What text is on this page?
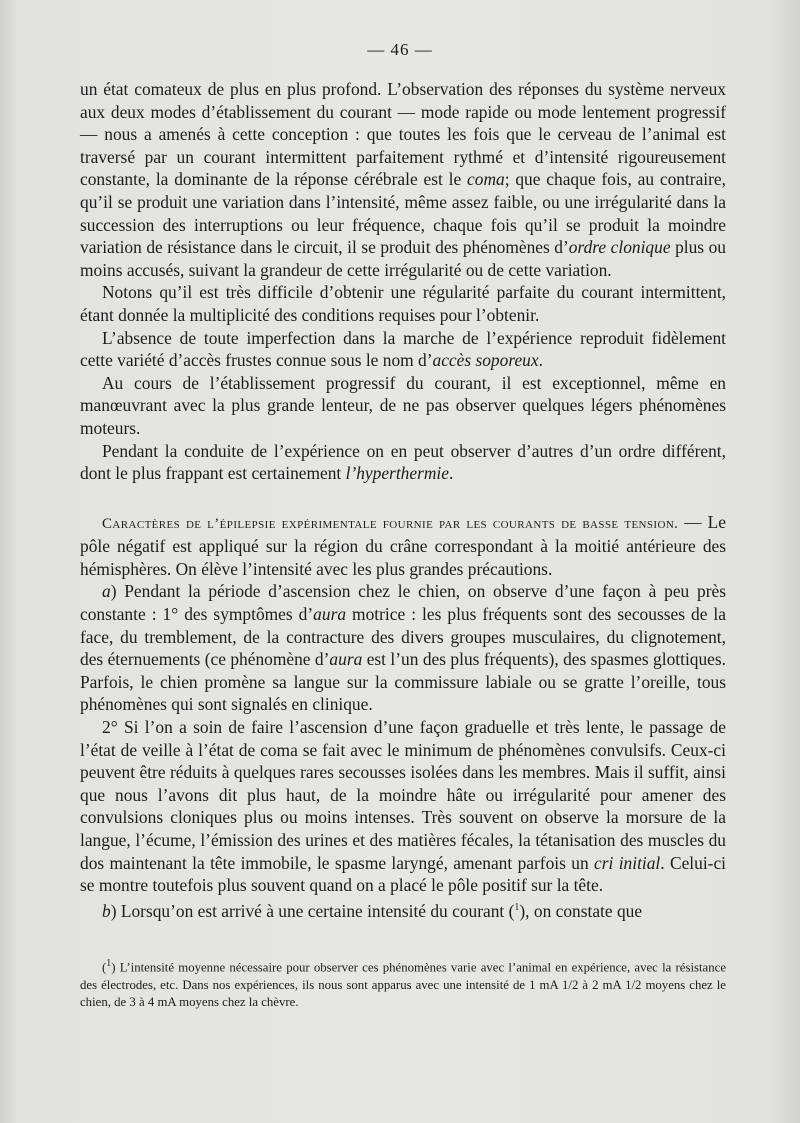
— 46 —

un état comateux de plus en plus profond. L’observation des réponses du système nerveux aux deux modes d’établissement du courant — mode rapide ou mode lentement progressif — nous a amenés à cette conception : que toutes les fois que le cerveau de l’animal est traversé par un courant intermittent parfaitement rythmé et d’intensité rigoureusement constante, la dominante de la réponse cérébrale est le coma; que chaque fois, au contraire, qu’il se produit une variation dans l’intensité, même assez faible, ou une irrégularité dans la succession des interruptions ou leur fréquence, chaque fois qu’il se produit la moindre variation de résistance dans le circuit, il se produit des phénomènes d’ordre clonique plus ou moins accusés, suivant la grandeur de cette irrégularité ou de cette variation.

Notons qu’il est très difficile d’obtenir une régularité parfaite du courant intermittent, étant donnée la multiplicité des conditions requises pour l’obtenir.

L’absence de toute imperfection dans la marche de l’expérience reproduit fidèlement cette variété d’accès frustes connue sous le nom d’accès soporeux.

Au cours de l’établissement progressif du courant, il est exceptionnel, même en manœuvrant avec la plus grande lenteur, de ne pas observer quelques légers phénomènes moteurs.

Pendant la conduite de l’expérience on en peut observer d’autres d’un ordre différent, dont le plus frappant est certainement l’hyperthermie.

Caractères de l’épilepsie expérimentale fournie par les courants de basse tension. — Le pôle négatif est appliqué sur la région du crâne correspondant à la moitié antérieure des hémisphères. On élève l’intensité avec les plus grandes précautions.

a) Pendant la période d’ascension chez le chien, on observe d’une façon à peu près constante : 1° des symptômes d’aura motrice : les plus fréquents sont des secousses de la face, du tremblement, de la contracture des divers groupes musculaires, du clignotement, des éternuements (ce phénomène d’aura est l’un des plus fréquents), des spasmes glottiques. Parfois, le chien promène sa langue sur la commissure labiale ou se gratte l’oreille, tous phénomènes qui sont signalés en clinique.

2° Si l’on a soin de faire l’ascension d’une façon graduelle et très lente, le passage de l’état de veille à l’état de coma se fait avec le minimum de phénomènes convulsifs. Ceux-ci peuvent être réduits à quelques rares secousses isolées dans les membres. Mais il suffit, ainsi que nous l’avons dit plus haut, de la moindre hâte ou irrégularité pour amener des convulsions cloniques plus ou moins intenses. Très souvent on observe la morsure de la langue, l’écume, l’émission des urines et des matières fécales, la tétanisation des muscles du dos maintenant la tête immobile, le spasme laryngé, amenant parfois un cri initial. Celui-ci se montre toutefois plus souvent quand on a placé le pôle positif sur la tête.

b) Lorsqu’on est arrivé à une certaine intensité du courant ($^1$), on constate que

($^1$) L’intensité moyenne nécessaire pour observer ces phénomènes varie avec l’animal en expérience, avec la résistance des électrodes, etc. Dans nos expériences, ils nous sont apparus avec une intensité de 1 mA 1/2 à 2 mA 1/2 moyens chez le chien, de 3 à 4 mA moyens chez la chèvre.
